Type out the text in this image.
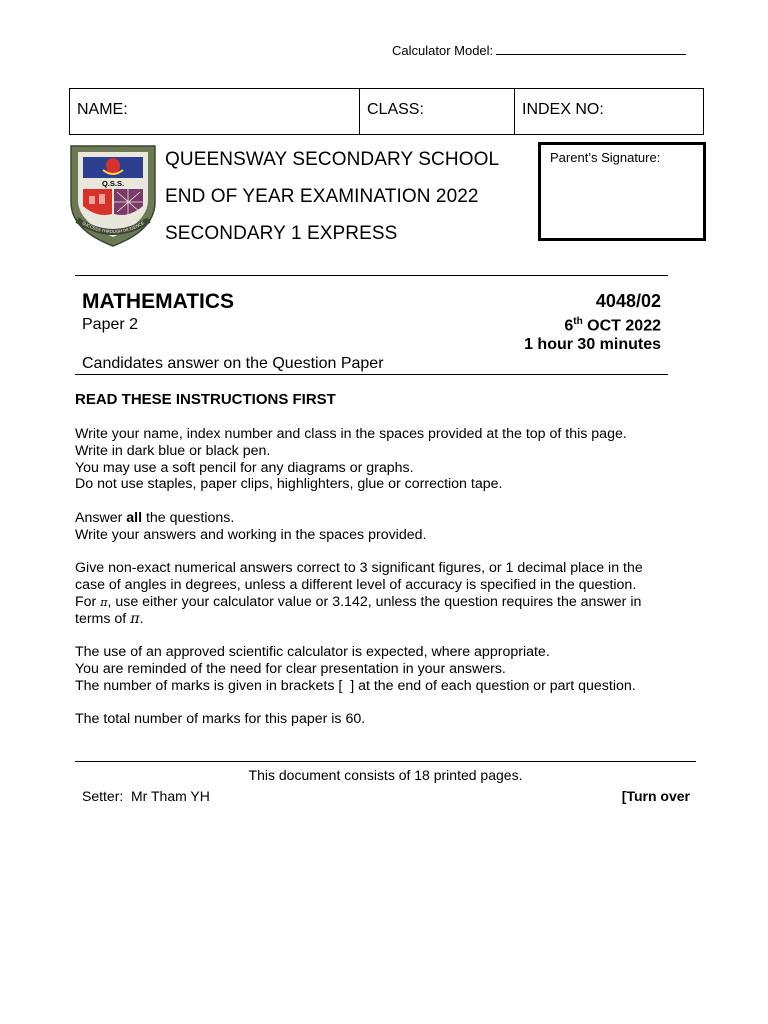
Calculator Model:
NAME:	CLASS:	INDEX NO:
Q.S.S.
SUCCESS THROUGH DILIGENCE
QUEENSWAY SECONDARY SCHOOL
END OF YEAR EXAMINATION 2022
SECONDARY 1 EXPRESS
Parent’s Signature:
MATHEMATICS
Paper 2
4048/02
6th OCT 2022
1 hour 30 minutes
Candidates answer on the Question Paper
READ THESE INSTRUCTIONS FIRST
Write your name, index number and class in the spaces provided at the top of this page.
Write in dark blue or black pen.
You may use a soft pencil for any diagrams or graphs.
Do not use staples, paper clips, highlighters, glue or correction tape.
Answer all the questions.
Write your answers and working in the spaces provided.
Give non-exact numerical answers correct to 3 significant figures, or 1 decimal place in the
case of angles in degrees, unless a different level of accuracy is specified in the question.
For π, use either your calculator value or 3.142, unless the question requires the answer in
terms of π.
The use of an approved scientific calculator is expected, where appropriate.
You are reminded of the need for clear presentation in your answers.
The number of marks is given in brackets [  ] at the end of each question or part question.
The total number of marks for this paper is 60.
This document consists of 18 printed pages.
Setter:  Mr Tham YH	[Turn over
